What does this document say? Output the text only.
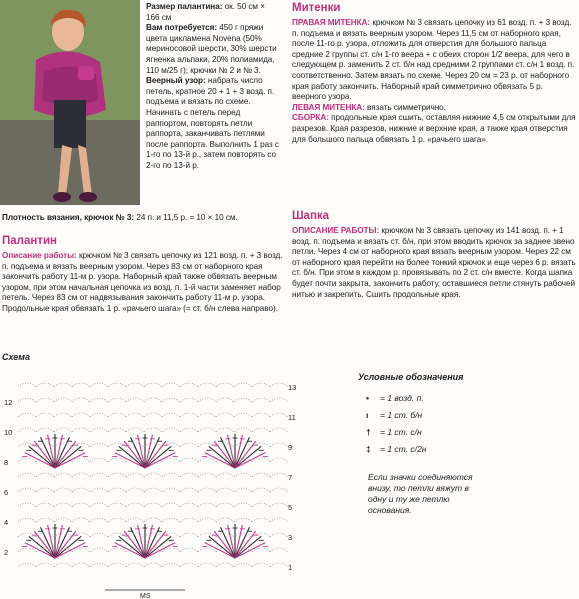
Размер палантина: ок. 50 см × 166 см
Вам потребуется: 450 г пряжи цвета цикламена Novena (50% мериносовой шерсти, 30% шерсти ягненка альпаки, 20% полиамида, 110 м/25 г); крючки № 2 и № 3.
Веерный узор: набрать число петель, кратное 20 + 1 + 3 возд. п. подъема и вязать по схеме. Начинать с петель перед раппортом, повторять петли раппорта, заканчивать петлями после раппорта. Выполнить 1 раз с 1-го по 13-й р., затем повторять со 2-го по 13-й р.
Плотность вязания, крючок № 3: 24 п. и 11,5 р. = 10 × 10 см.
Палантин
Описание работы: крючком № 3 связать цепочку из 121 возд. п. + 3 возд. п. подъема и вязать веерным узором. Через 83 см от наборного края закончить работу 11-м р. узора. Наборный край также обвязать веерным узором, при этом начальная цепочка из возд. п. 1-й части заменяет набор петель. Через 83 см от надвязывания закончить работу 11-м р. узора. Продольные края обвязать 1 р. «рачьего шага» (= ст. б/н слева направо).
Митенки
ПРАВАЯ МИТЕНКА: крючком № 3 связать цепочку из 61 возд. п. + 3 возд. п. подъема и вязать веерным узором. Через 11,5 см от наборного края, после 11-го р. узора, отложить для отверстия для большого пальца средние 2 группы ст. с/н 1-го веера + с обеих сторон 1/2 веера, для чего в следующем р. заменить 2 ст. б/н над средними 2 группами ст. с/н 1 возд. п. соответственно. Затем вязать по схеме. Через 20 см = 23 р. от наборного края работу закончить. Наборный край симметрично обвязать 5 р. веерного узора.
ЛЕВАЯ МИТЕНКА: вязать симметрично.
СБОРКА: продольные края сшить, оставляя нижние 4,5 см открытыми для разрезов. Края разрезов, нижние и верхние края, а также края отверстия для большого пальца обвязать 1 р. «рачьего шага».
Шапка
ОПИСАНИЕ РАБОТЫ: крючком № 3 связать цепочку из 141 возд. п. + 1 возд. п. подъема и вязать ст. б/н, при этом вводить крючок за заднее звено петли. Через 4 см от наборного края вязать веерным узором. Через 22 см от наборного края перейти на более тонкий крючок и еще через 6 р. вязать ст. б/н. При этом в каждом р. провязывать по 2 ст. с/н вместе. Когда шапка будет почти закрыта, закончить работу, оставшиеся петли стянуть рабочей нитью и закрепить. Сшить продольные края.
Схема
1
2
3
4
5
6
7
8
9
10
11
12
13
MS
Условные обозначения
• = 1 возд. п.
ı = 1 ст. б/н
† = 1 ст. с/н
‡ = 1 ст. с/2н
Если значки соединяются внизу, то петли вяжут в одну и ту же петлю основания.
